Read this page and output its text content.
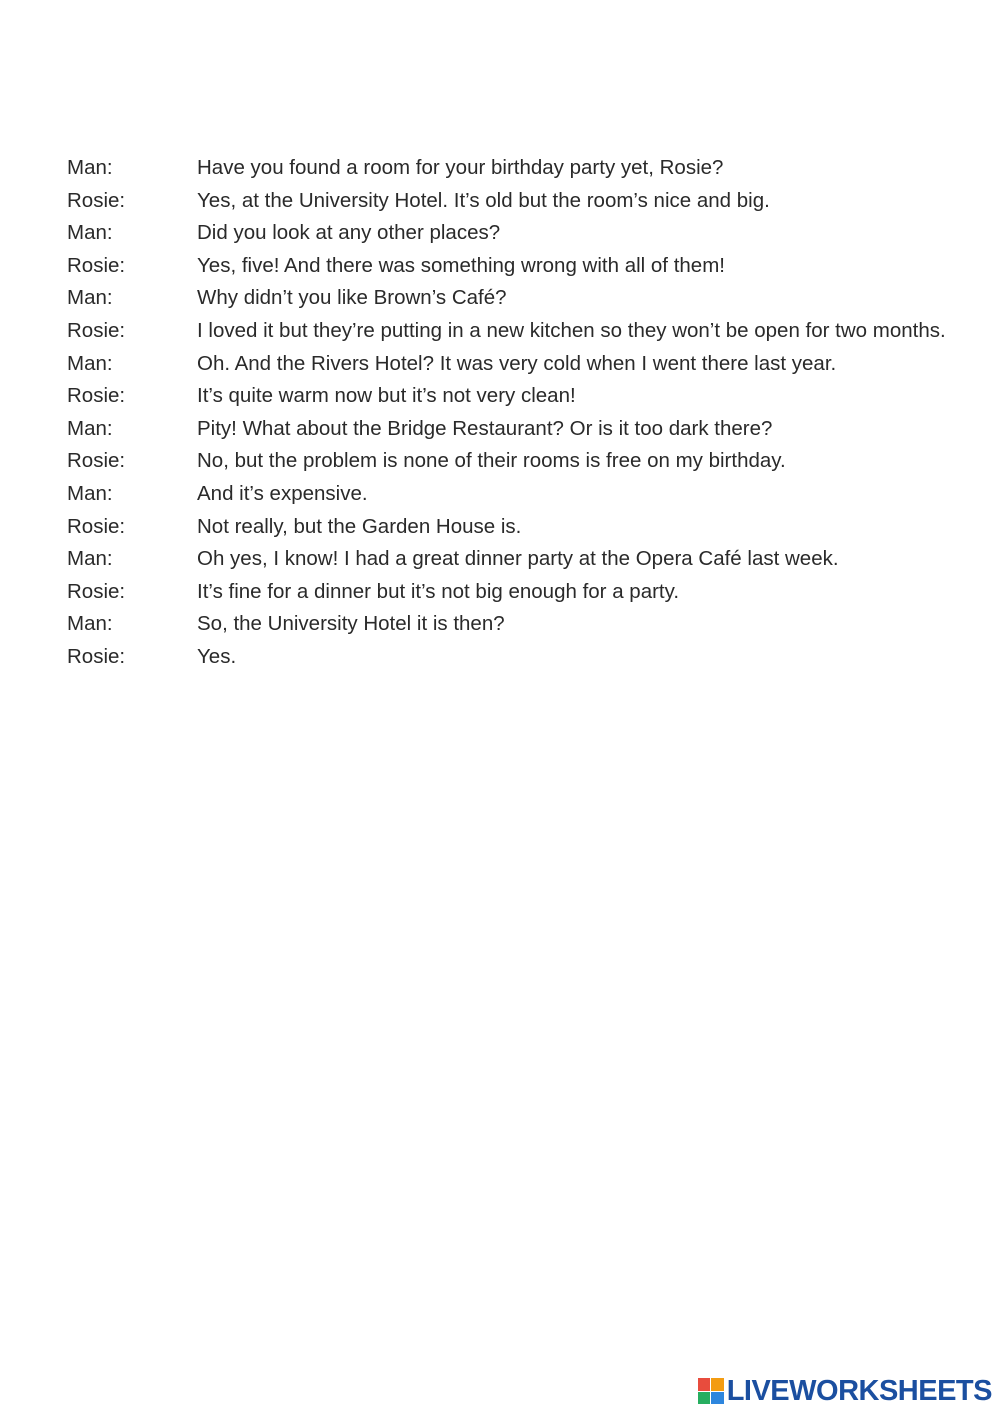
Man:	Have you found a room for your birthday party yet, Rosie?
Rosie:	Yes, at the University Hotel. It’s old but the room’s nice and big.
Man:	Did you look at any other places?
Rosie:	Yes, five! And there was something wrong with all of them!
Man:	Why didn’t you like Brown’s Café?
Rosie:	I loved it but they’re putting in a new kitchen so they won’t be open for two months.
Man:	Oh. And the Rivers Hotel? It was very cold when I went there last year.
Rosie:	It’s quite warm now but it’s not very clean!
Man:	Pity! What about the Bridge Restaurant? Or is it too dark there?
Rosie:	No, but the problem is none of their rooms is free on my birthday.
Man:	And it’s expensive.
Rosie:	Not really, but the Garden House is.
Man:	Oh yes, I know! I had a great dinner party at the Opera Café last week.
Rosie:	It’s fine for a dinner but it’s not big enough for a party.
Man:	So, the University Hotel it is then?
Rosie:	Yes.
LIVEWORKSHEETS
